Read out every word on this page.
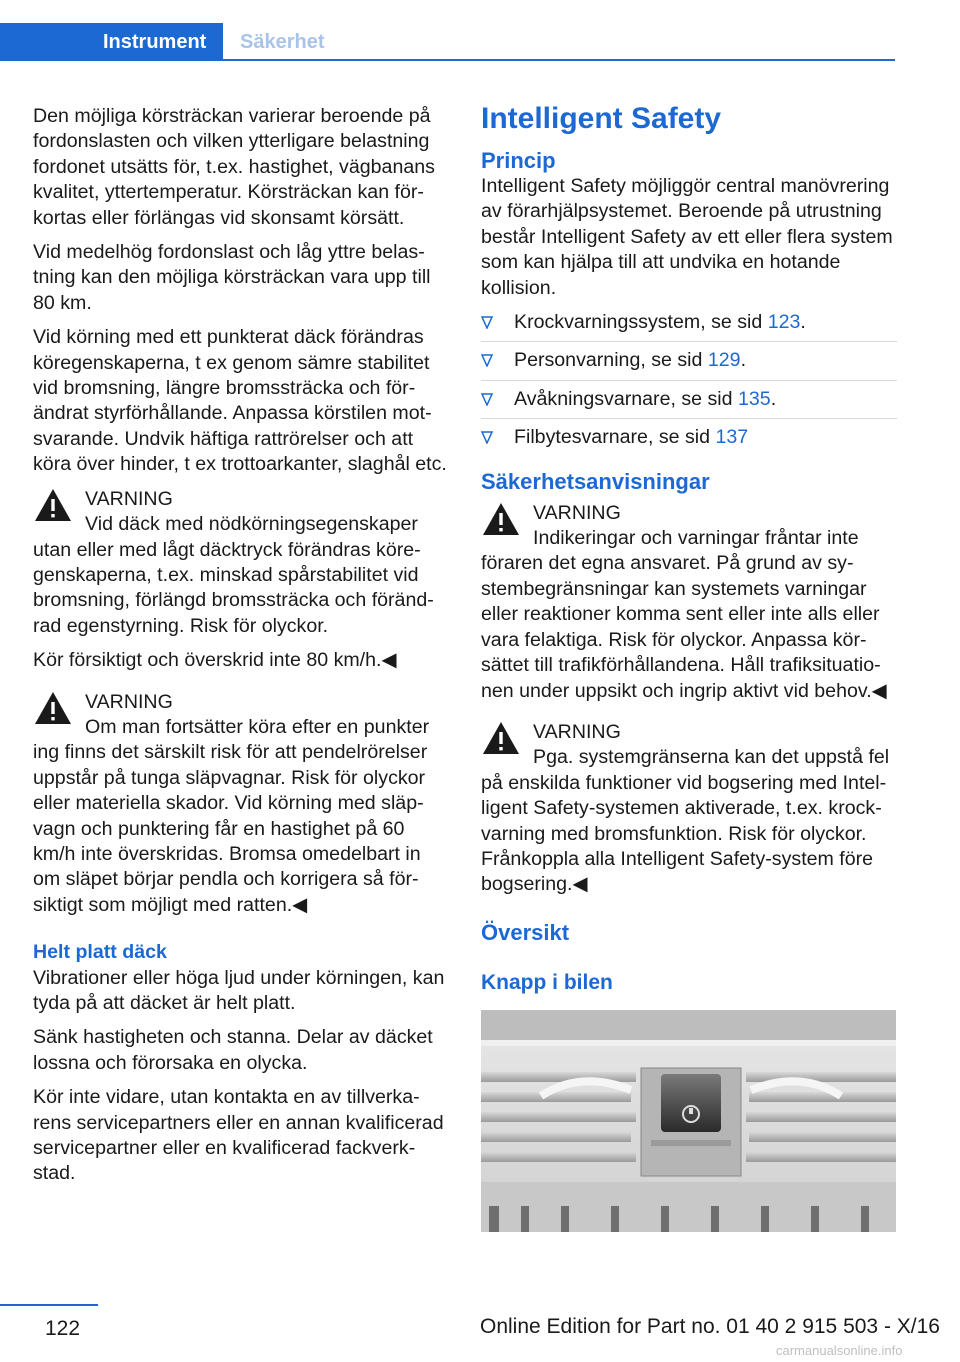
Instrument	Säkerhet

Den möjliga körsträckan varierar beroende på fordonslasten och vilken ytterligare belastning fordonet utsätts för, t.ex. hastighet, vägbanans kvalitet, yttertemperatur. Körsträckan kan förkortas eller förlängas vid skonsamt körsätt.

Vid medelhög fordonslast och låg yttre belastning kan den möjliga körsträckan vara upp till 80 km.

Vid körning med ett punkterat däck förändras köregenskaperna, t ex genom sämre stabilitet vid bromsning, längre bromssträcka och förändrat styrförhållande. Anpassa körstilen motsvarande. Undvik häftiga rattrörelser och att köra över hinder, t ex trottoarkanter, slaghål etc.

VARNING
Vid däck med nödkörningsegenskaper
utan eller med lågt däcktryck förändras köregenskaperna, t.ex. minskad spårstabilitet vid bromsning, förlängd bromssträcka och förändrad egenstyrning. Risk för olyckor.

Kör försiktigt och överskrid inte 80 km/h.◀

VARNING
Om man fortsätter köra efter en punkter
ing finns det särskilt risk för att pendelrörelser uppstår på tunga släpvagnar. Risk för olyckor eller materiella skador. Vid körning med släpvagn och punktering får en hastighet på 60 km/h inte överskridas. Bromsa omedelbart in om släpet börjar pendla och korrigera så försiktigt som möjligt med ratten.◀
Helt platt däck

Vibrationer eller höga ljud under körningen, kan tyda på att däcket är helt platt.

Sänk hastigheten och stanna. Delar av däcket lossna och förorsaka en olycka.

Kör inte vidare, utan kontakta en av tillverkarens servicepartners eller en annan kvalificerad servicepartner eller en kvalificerad fackverkstad.

Intelligent Safety
Princip

Intelligent Safety möjliggör central manövrering av förarhjälpsystemet. Beroende på utrustning består Intelligent Safety av ett eller flera system som kan hjälpa till att undvika en hotande kollision.

Krockvarningssystem, se sid 123.
Personvarning, se sid 129.
Avåkningsvarnare, se sid 135.
Filbytesvarnare, se sid 137
Säkerhetsanvisningar
VARNING
Indikeringar och varningar fråntar inte
föraren det egna ansvaret. På grund av systembegränsningar kan systemets varningar eller reaktioner komma sent eller inte alls eller vara felaktiga. Risk för olyckor. Anpassa körsättet till trafikförhållandena. Håll trafiksituationen under uppsikt och ingrip aktivt vid behov.◀
VARNING
Pga. systemgränserna kan det uppstå fel
på enskilda funktioner vid bogsering med Intelligent Safety-systemen aktiverade, t.ex. krockvarning med bromsfunktion. Risk för olyckor. Frånkoppla alla Intelligent Safety-system före bogsering.◀
Översikt
Knapp i bilen
122	Online Edition for Part no. 01 40 2 915 503 - X/16
carmanualsonline.info
